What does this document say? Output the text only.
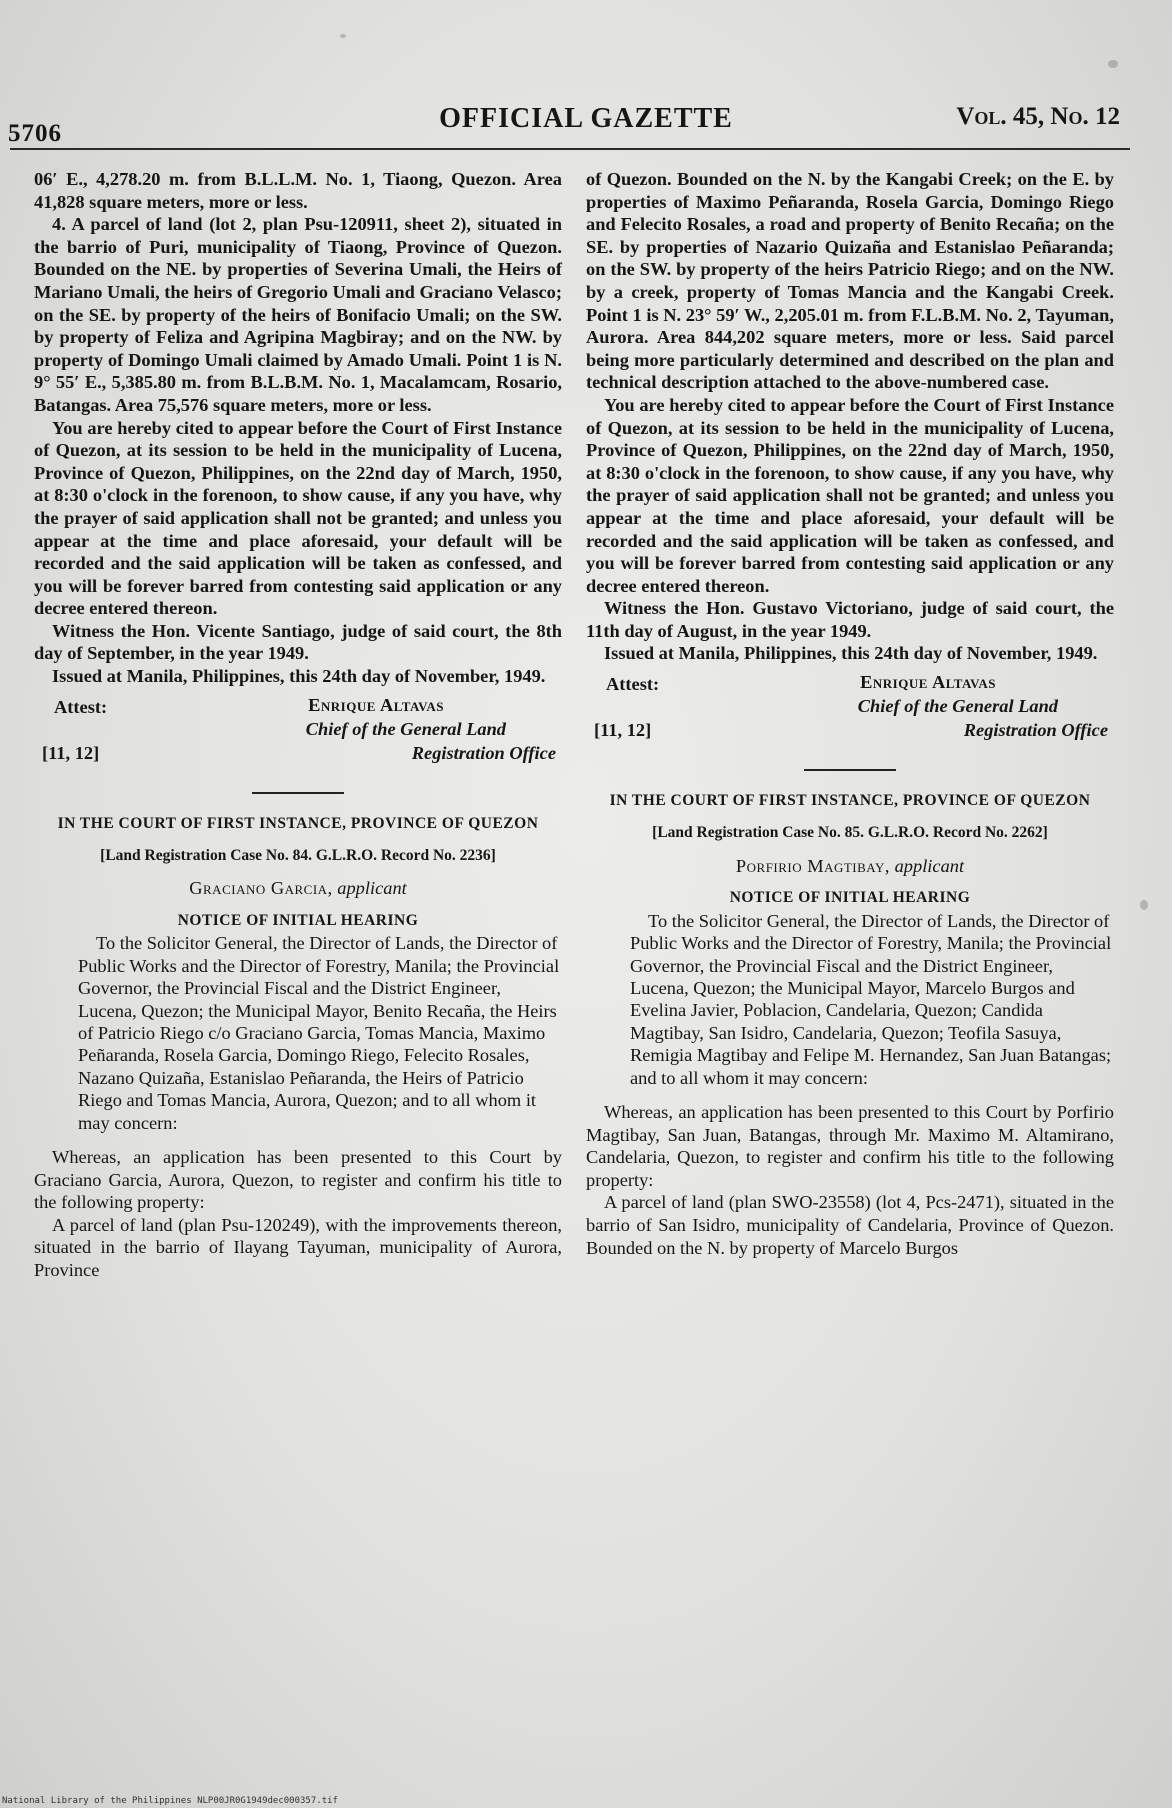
5706	OFFICIAL GAZETTE	Vol. 45, No. 12

06′ E., 4,278.20 m. from B.L.L.M. No. 1, Tiaong, Quezon. Area 41,828 square meters, more or less.

4. A parcel of land (lot 2, plan Psu-120911, sheet 2), situated in the barrio of Puri, municipality of Tiaong, Province of Quezon. Bounded on the NE. by properties of Severina Umali, the Heirs of Mariano Umali, the heirs of Gregorio Umali and Graciano Velasco; on the SE. by property of the heirs of Bonifacio Umali; on the SW. by property of Feliza and Agripina Magbiray; and on the NW. by property of Domingo Umali claimed by Amado Umali. Point 1 is N. 9° 55′ E., 5,385.80 m. from B.L.B.M. No. 1, Macalamcam, Rosario, Batangas. Area 75,576 square meters, more or less.

You are hereby cited to appear before the Court of First Instance of Quezon, at its session to be held in the municipality of Lucena, Province of Quezon, Philippines, on the 22nd day of March, 1950, at 8:30 o'clock in the forenoon, to show cause, if any you have, why the prayer of said application shall not be granted; and unless you appear at the time and place aforesaid, your default will be recorded and the said application will be taken as confessed, and you will be forever barred from contesting said application or any decree entered thereon.

Witness the Hon. Vicente Santiago, judge of said court, the 8th day of September, in the year 1949.

Issued at Manila, Philippines, this 24th day of November, 1949.

Attest:	Enrique Altavas
Chief of the General Land
Registration Office
[11, 12]
IN THE COURT OF FIRST INSTANCE, PROVINCE OF QUEZON
[Land Registration Case No. 84. G.L.R.O. Record No. 2236]
Graciano Garcia, applicant
NOTICE OF INITIAL HEARING

To the Solicitor General, the Director of Lands, the Director of Public Works and the Director of Forestry, Manila; the Provincial Governor, the Provincial Fiscal and the District Engineer, Lucena, Quezon; the Municipal Mayor, Benito Recaña, the Heirs of Patricio Riego c/o Graciano Garcia, Tomas Mancia, Maximo Peñaranda, Rosela Garcia, Domingo Riego, Felecito Rosales, Nazano Quizaña, Estanislao Peñaranda, the Heirs of Patricio Riego and Tomas Mancia, Aurora, Quezon; and to all whom it may concern:

Whereas, an application has been presented to this Court by Graciano Garcia, Aurora, Quezon, to register and confirm his title to the following property:

A parcel of land (plan Psu-120249), with the improvements thereon, situated in the barrio of Ilayang Tayuman, municipality of Aurora, Province

of Quezon. Bounded on the N. by the Kangabi Creek; on the E. by properties of Maximo Peñaranda, Rosela Garcia, Domingo Riego and Felecito Rosales, a road and property of Benito Recaña; on the SE. by properties of Nazario Quizaña and Estanislao Peñaranda; on the SW. by property of the heirs Patricio Riego; and on the NW. by a creek, property of Tomas Mancia and the Kangabi Creek. Point 1 is N. 23° 59′ W., 2,205.01 m. from F.L.B.M. No. 2, Tayuman, Aurora. Area 844,202 square meters, more or less. Said parcel being more particularly determined and described on the plan and technical description attached to the above-numbered case.

You are hereby cited to appear before the Court of First Instance of Quezon, at its session to be held in the municipality of Lucena, Province of Quezon, Philippines, on the 22nd day of March, 1950, at 8:30 o'clock in the forenoon, to show cause, if any you have, why the prayer of said application shall not be granted; and unless you appear at the time and place aforesaid, your default will be recorded and the said application will be taken as confessed, and you will be forever barred from contesting said application or any decree entered thereon.

Witness the Hon. Gustavo Victoriano, judge of said court, the 11th day of August, in the year 1949.

Issued at Manila, Philippines, this 24th day of November, 1949.

Attest:	Enrique Altavas
Chief of the General Land
Registration Office
[11, 12]
IN THE COURT OF FIRST INSTANCE, PROVINCE OF QUEZON
[Land Registration Case No. 85. G.L.R.O. Record No. 2262]
Porfirio Magtibay, applicant
NOTICE OF INITIAL HEARING

To the Solicitor General, the Director of Lands, the Director of Public Works and the Director of Forestry, Manila; the Provincial Governor, the Provincial Fiscal and the District Engineer, Lucena, Quezon; the Municipal Mayor, Marcelo Burgos and Evelina Javier, Poblacion, Candelaria, Quezon; Candida Magtibay, San Isidro, Candelaria, Quezon; Teofila Sasuya, Remigia Magtibay and Felipe M. Hernandez, San Juan Batangas; and to all whom it may concern:

Whereas, an application has been presented to this Court by Porfirio Magtibay, San Juan, Batangas, through Mr. Maximo M. Altamirano, Candelaria, Quezon, to register and confirm his title to the following property:

A parcel of land (plan SWO-23558) (lot 4, Pcs-2471), situated in the barrio of San Isidro, municipality of Candelaria, Province of Quezon. Bounded on the N. by property of Marcelo Burgos

National Library of the Philippines NLP00JR0G1949dec000357.tif
